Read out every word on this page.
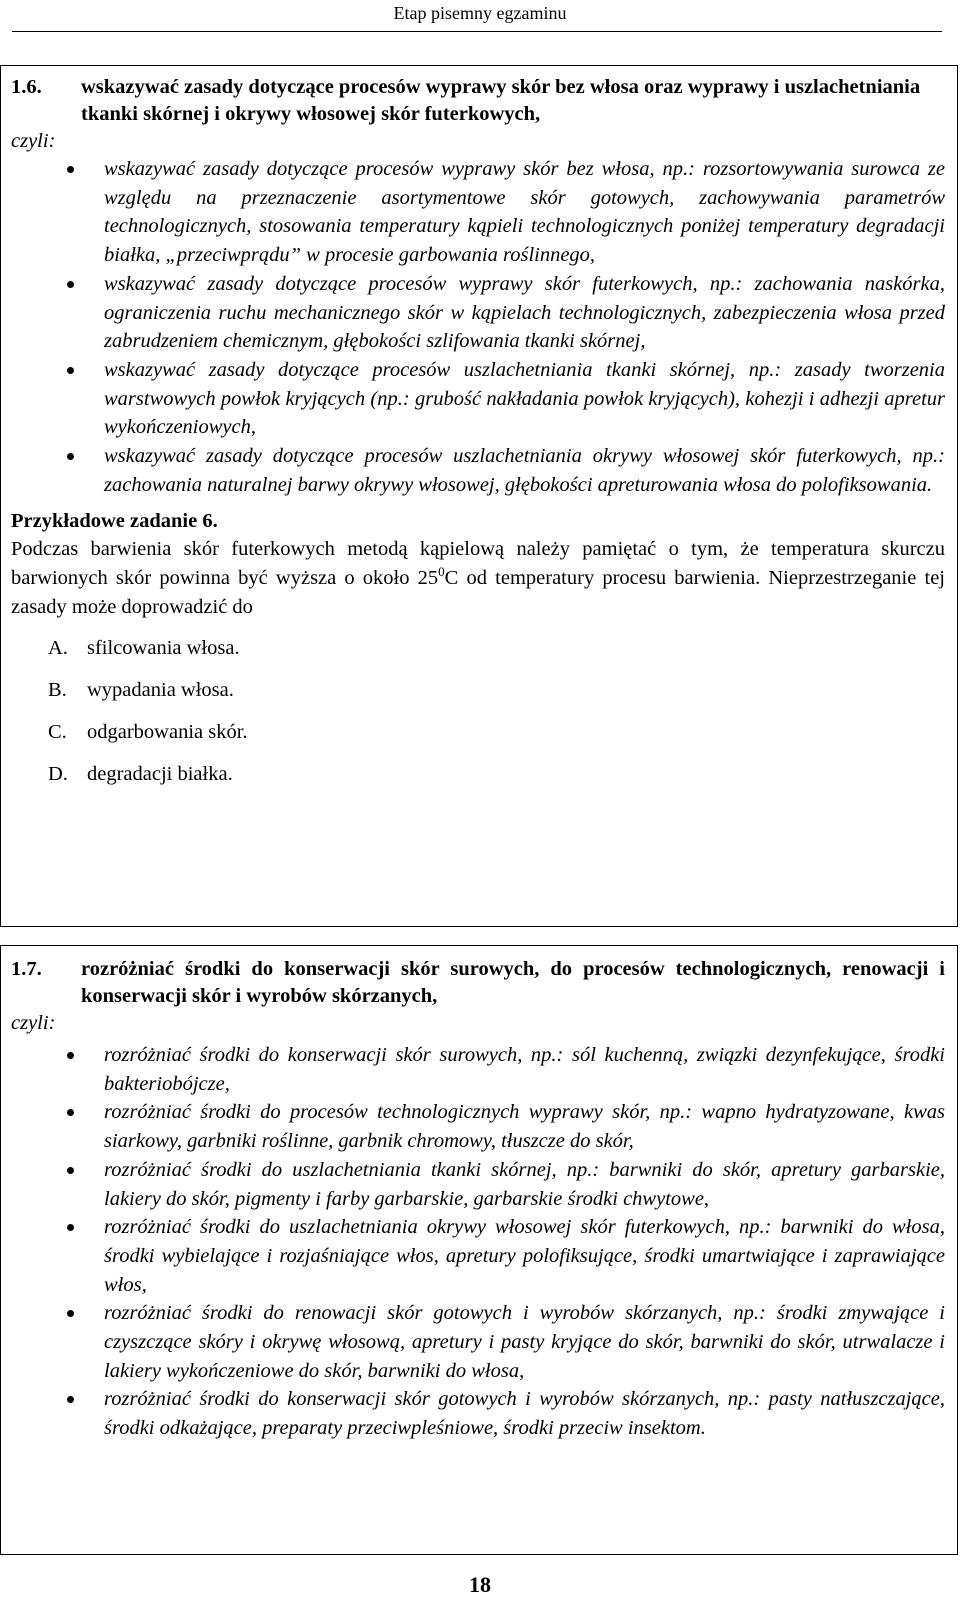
Etap pisemny egzaminu
1.6. wskazywać zasady dotyczące procesów wyprawy skór bez włosa oraz wyprawy i uszlachetniania tkanki skórnej i okrywy włosowej skór futerkowych,
czyli:
wskazywać zasady dotyczące procesów wyprawy skór bez włosa, np.: rozsortowywania surowca ze względu na przeznaczenie asortymentowe skór gotowych, zachowywania parametrów technologicznych, stosowania temperatury kąpieli technologicznych poniżej temperatury degradacji białka, „przeciwprądu” w procesie garbowania roślinnego,
wskazywać zasady dotyczące procesów wyprawy skór futerkowych, np.: zachowania naskórka, ograniczenia ruchu mechanicznego skór w kąpielach technologicznych, zabezpieczenia włosa przed zabrudzeniem chemicznym, głębokości szlifowania tkanki skórnej,
wskazywać zasady dotyczące procesów uszlachetniania tkanki skórnej, np.: zasady tworzenia warstwowych powłok kryjących (np.: grubość nakładania powłok kryjących), kohezji i adhezji apretur wykończeniowych,
wskazywać zasady dotyczące procesów uszlachetniania okrywy włosowej skór futerkowych, np.: zachowania naturalnej barwy okrywy włosowej, głębokości apreturowania włosa do polofiksowania.
Przykładowe zadanie 6.
Podczas barwienia skór futerkowych metodą kąpielową należy pamiętać o tym, że temperatura skurczu barwionych skór powinna być wyższa o około $25^0C$ od temperatury procesu barwienia. Nieprzestrzeganie tej zasady może doprowadzić do
A. sfilcowania włosa.
B. wypadania włosa.
C. odgarbowania skór.
D. degradacji białka.
1.7. rozróżniać środki do konserwacji skór surowych, do procesów technologicznych, renowacji i konserwacji skór i wyrobów skórzanych,
czyli:
rozróżniać środki do konserwacji skór surowych, np.: sól kuchenną, związki dezynfekujące, środki bakteriobójcze,
rozróżniać środki do procesów technologicznych wyprawy skór, np.: wapno hydratyzowane, kwas siarkowy, garbniki roślinne, garbnik chromowy, tłuszcze do skór,
rozróżniać środki do uszlachetniania tkanki skórnej, np.: barwniki do skór, apretury garbarskie, lakiery do skór, pigmenty i farby garbarskie, garbarskie środki chwytowe,
rozróżniać środki do uszlachetniania okrywy włosowej skór futerkowych, np.: barwniki do włosa, środki wybielające i rozjaśniające włos, apretury polofiksujące, środki umartwiające i zaprawiające włos,
rozróżniać środki do renowacji skór gotowych i wyrobów skórzanych, np.: środki zmywające i czyszczące skóry i okrywę włosową, apretury i pasty kryjące do skór, barwniki do skór, utrwalacze i lakiery wykończeniowe do skór, barwniki do włosa,
rozróżniać środki do konserwacji skór gotowych i wyrobów skórzanych, np.: pasty natłuszczające, środki odkażające, preparaty przeciwpleśniowe, środki przeciw insektom.
18
